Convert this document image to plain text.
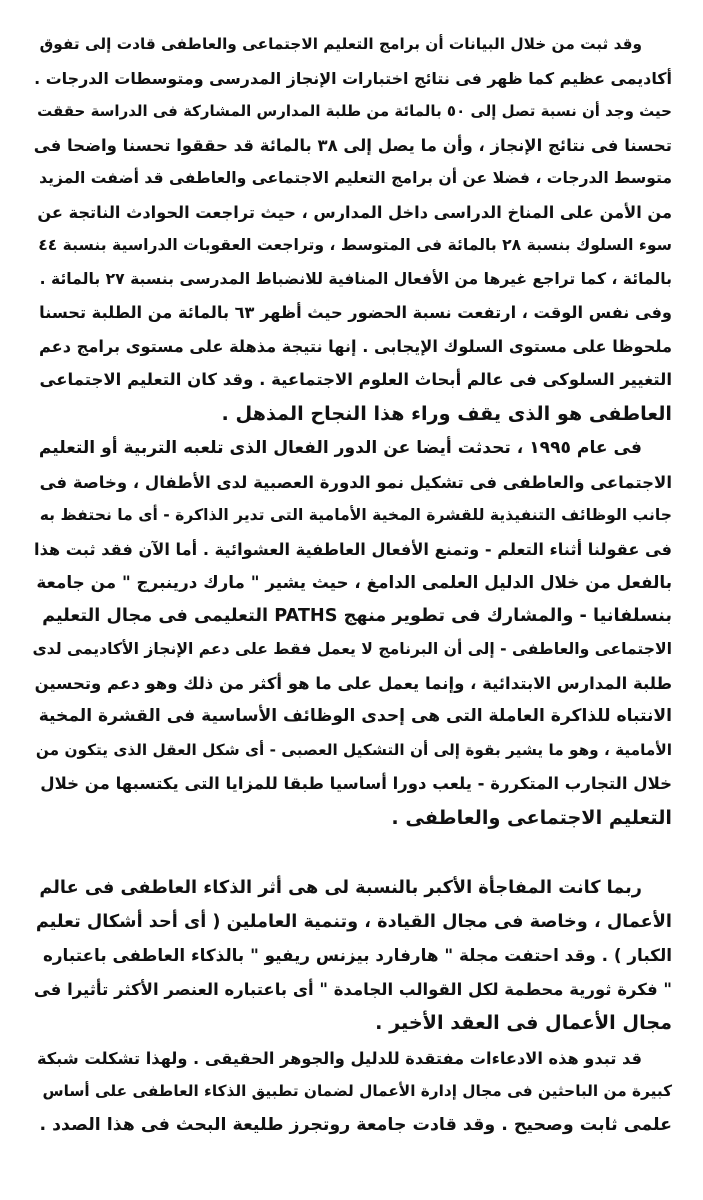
وقد ثبت من خلال البيانات أن برامج التعليم الاجتماعى والعاطفى قادت إلى تفوق
أكاديمى عظيم كما ظهر فى نتائج اختبارات الإنجاز المدرسى ومتوسطات الدرجات .
حيث وجد أن نسبة تصل إلى ٥٠ بالمائة من طلبة المدارس المشاركة فى الدراسة حققت
تحسنا فى نتائج الإنجاز ، وأن ما يصل إلى ٣٨ بالمائة قد حققوا تحسنا واضحا فى
متوسط الدرجات ، فضلا عن أن برامج التعليم الاجتماعى والعاطفى قد أضفت المزيد
من الأمن على المناخ الدراسى داخل المدارس ، حيث تراجعت الحوادث الناتجة عن
سوء السلوك بنسبة ٢٨ بالمائة فى المتوسط ، وتراجعت العقوبات الدراسية بنسبة ٤٤
بالمائة ، كما تراجع غيرها من الأفعال المنافية للانضباط المدرسى بنسبة ٢٧ بالمائة .
وفى نفس الوقت ، ارتفعت نسبة الحضور حيث أظهر ٦٣ بالمائة من الطلبة تحسنا
ملحوظا على مستوى السلوك الإيجابى . إنها نتيجة مذهلة على مستوى برامج دعم
التغيير السلوكى فى عالم أبحاث العلوم الاجتماعية . وقد كان التعليم الاجتماعى
العاطفى هو الذى يقف وراء هذا النجاح المذهل .
فى عام ١٩٩٥ ، تحدثت أيضا عن الدور الفعال الذى تلعبه التربية أو التعليم
الاجتماعى والعاطفى فى تشكيل نمو الدورة العصبية لدى الأطفال ، وخاصة فى
جانب الوظائف التنفيذية للقشرة المخية الأمامية التى تدير الذاكرة - أى ما نحتفظ به
فى عقولنا أثناء التعلم - وتمنع الأفعال العاطفية العشوائية . أما الآن فقد ثبت هذا
بالفعل من خلال الدليل العلمى الدامغ ، حيث يشير " مارك درينبرج " من جامعة
بنسلفانيا - والمشارك فى تطوير منهج PATHS التعليمى فى مجال التعليم
الاجتماعى والعاطفى - إلى أن البرنامج لا يعمل فقط على دعم الإنجاز الأكاديمى لدى
طلبة المدارس الابتدائية ، وإنما يعمل على ما هو أكثر من ذلك وهو دعم وتحسين
الانتباه للذاكرة العاملة التى هى إحدى الوظائف الأساسية فى القشرة المخية
الأمامية ، وهو ما يشير بقوة إلى أن التشكيل العصبى - أى شكل العقل الذى يتكون من
خلال التجارب المتكررة - يلعب دورا أساسيا طبقا للمزايا التى يكتسبها من خلال
التعليم الاجتماعى والعاطفى .
ربما كانت المفاجأة الأكبر بالنسبة لى هى أثر الذكاء العاطفى فى عالم
الأعمال ، وخاصة فى مجال القيادة ، وتنمية العاملين ( أى أحد أشكال تعليم
الكبار ) . وقد احتفت مجلة " هارفارد بيزنس ريفيو " بالذكاء العاطفى باعتباره
" فكرة ثورية محطمة لكل القوالب الجامدة " أى باعتباره العنصر الأكثر تأثيرا فى
مجال الأعمال فى العقد الأخير .
قد تبدو هذه الادعاءات مفتقدة للدليل والجوهر الحقيقى . ولهذا تشكلت شبكة
كبيرة من الباحثين فى مجال إدارة الأعمال لضمان تطبيق الذكاء العاطفى على أساس
علمى ثابت وصحيح . وقد قادت جامعة روتجرز طليعة البحث فى هذا الصدد .
